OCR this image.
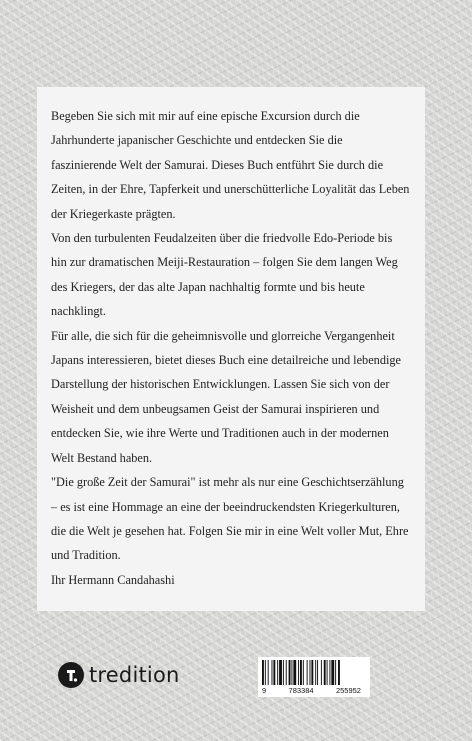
Begeben Sie sich mit mir auf eine epische Excursion durch die Jahrhunderte japanischer Geschichte und entdecken Sie die faszinierende Welt der Samurai. Dieses Buch entführt Sie durch die Zeiten, in der Ehre, Tapferkeit und unerschütterliche Loyalität das Leben der Kriegerkaste prägten.

Von den turbulenten Feudalzeiten über die friedvolle Edo-Periode bis hin zur dramatischen Meiji-Restauration – folgen Sie dem langen Weg des Kriegers, der das alte Japan nachhaltig formte und bis heute nachklingt.

Für alle, die sich für die geheimnisvolle und glorreiche Vergangenheit Japans interessieren, bietet dieses Buch eine detailreiche und lebendige Darstellung der historischen Entwicklungen. Lassen Sie sich von der Weisheit und dem unbeugsamen Geist der Samurai inspirieren und entdecken Sie, wie ihre Werte und Traditionen auch in der modernen Welt Bestand haben.

"Die große Zeit der Samurai" ist mehr als nur eine Geschichtserzählung – es ist eine Hommage an eine der beeindruckendsten Kriegerkulturen, die die Welt je gesehen hat. Folgen Sie mir in eine Welt voller Mut, Ehre und Tradition.

Ihr Hermann Candahashi

tredition
9	783384	255952
